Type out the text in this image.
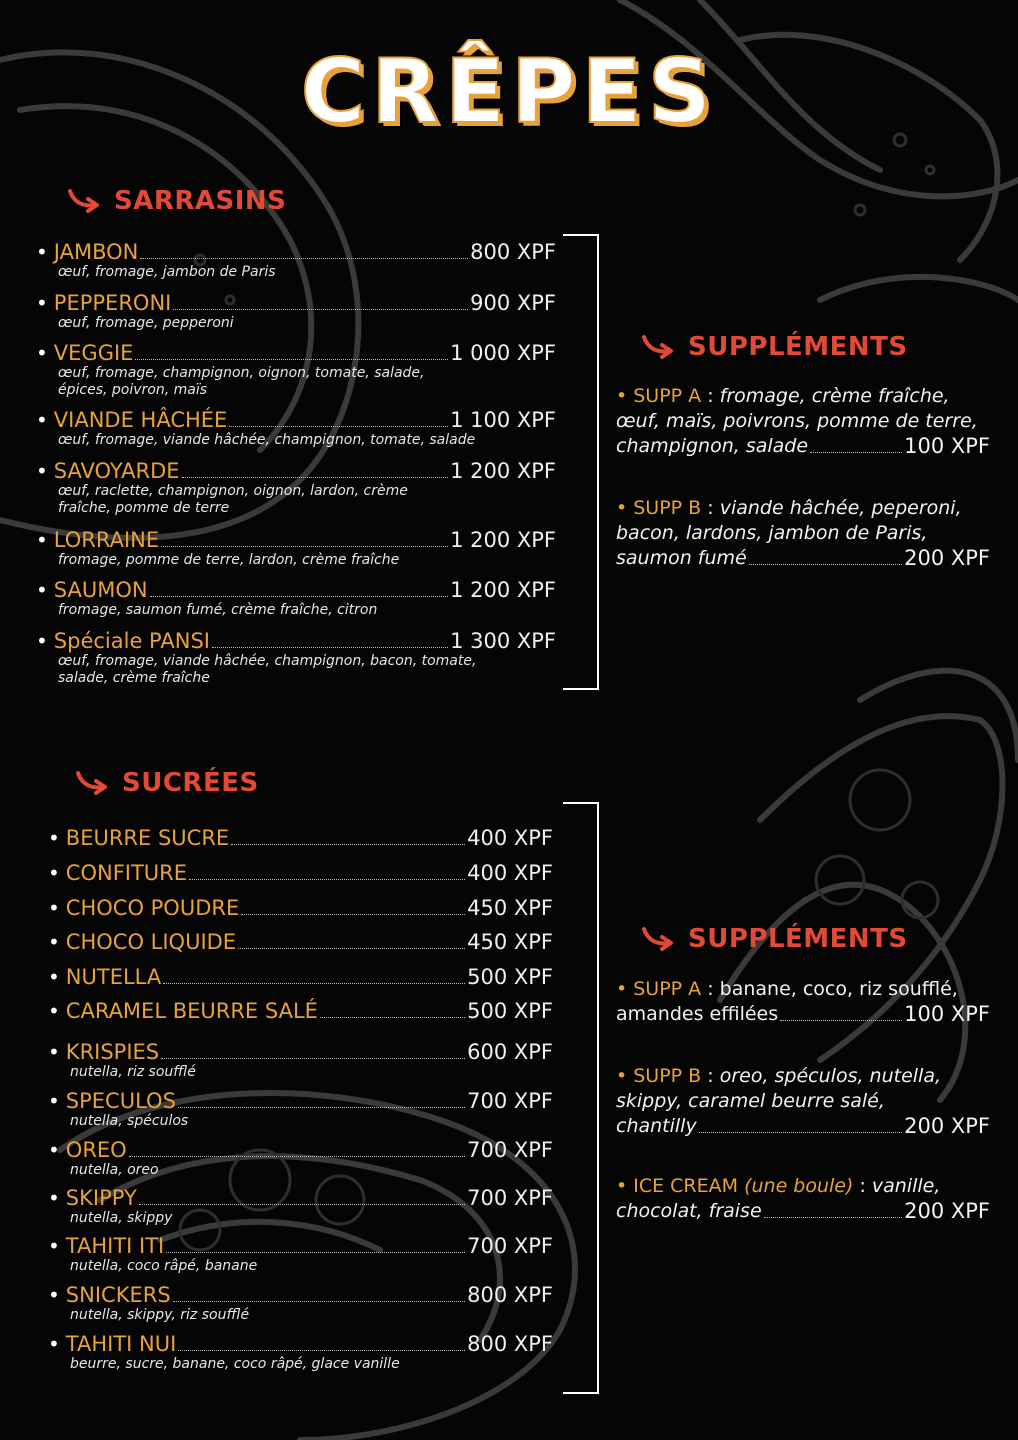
CRÊPES
SARRASINS
• JAMBON	800 XPF
œuf, fromage, jambon de Paris
• PEPPERONI	900 XPF
œuf, fromage, pepperoni
• VEGGIE	1 000 XPF
œuf, fromage, champignon, oignon, tomate, salade, épices, poivron, maïs
• VIANDE HÂCHÉE	1 100 XPF
œuf, fromage, viande hâchée, champignon, tomate, salade
• SAVOYARDE	1 200 XPF
œuf, raclette, champignon, oignon, lardon, crème fraîche, pomme de terre
• LORRAINE	1 200 XPF
fromage, pomme de terre, lardon, crème fraîche
• SAUMON	1 200 XPF
fromage, saumon fumé, crème fraîche, citron
• Spéciale PANSI	1 300 XPF
œuf, fromage, viande hâchée, champignon, bacon, tomate, salade, crème fraîche
SUPPLÉMENTS
• SUPP A : fromage, crème fraîche, œuf, maïs, poivrons, pomme de terre,
champignon, salade	100 XPF
• SUPP B : viande hâchée, peperoni, bacon, lardons, jambon de Paris,
saumon fumé	200 XPF
SUCRÉES
• BEURRE SUCRE	400 XPF
• CONFITURE	400 XPF
• CHOCO POUDRE	450 XPF
• CHOCO LIQUIDE	450 XPF
• NUTELLA	500 XPF
• CARAMEL BEURRE SALÉ	500 XPF
• KRISPIES	600 XPF
nutella, riz soufflé
• SPECULOS	700 XPF
nutella, spéculos
• OREO	700 XPF
nutella, oreo
• SKIPPY	700 XPF
nutella, skippy
• TAHITI ITI	700 XPF
nutella, coco râpé, banane
• SNICKERS	800 XPF
nutella, skippy, riz soufflé
• TAHITI NUI	800 XPF
beurre, sucre, banane, coco râpé, glace vanille
SUPPLÉMENTS
• SUPP A : banane, coco, riz soufflé,
amandes effilées	100 XPF
• SUPP B : oreo, spéculos, nutella, skippy, caramel beurre salé,
chantilly	200 XPF
• ICE CREAM (une boule) : vanille,
chocolat, fraise	200 XPF
